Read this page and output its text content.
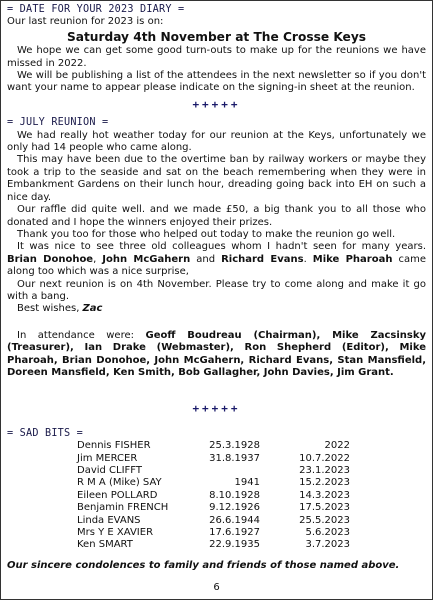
= DATE FOR YOUR 2023 DIARY =

Our last reunion for 2023 is on:

Saturday 4th November at The Crosse Keys

We hope we can get some good turn-outs to make up for the reunions we have missed in 2022.

We will be publishing a list of the attendees in the next newsletter so if you don't want your name to appear please indicate on the signing-in sheet at the reunion.

+++++
= JULY REUNION =

We had really hot weather today for our reunion at the Keys, unfortunately we only had 14 people who came along.

This may have been due to the overtime ban by railway workers or maybe they took a trip to the seaside and sat on the beach remembering when they were in Embankment Gardens on their lunch hour, dreading going back into EH on such a nice day.

Our raffle did quite well. and we made £50, a big thank you to all those who donated and I hope the winners enjoyed their prizes.

Thank you too for those who helped out today to make the reunion go well.

It was nice to see three old colleagues whom I hadn't seen for many years. Brian Donohoe, John McGahern and Richard Evans. Mike Pharoah came along too which was a nice surprise,

Our next reunion is on 4th November. Please try to come along and make it go with a bang.

Best wishes, Zac

In attendance were: Geoff Boudreau (Chairman), Mike Zacsinsky (Treasurer), Ian Drake (Webmaster), Ron Shepherd (Editor), Mike Pharoah, Brian Donohoe, John McGahern, Richard Evans, Stan Mansfield, Doreen Mansfield, Ken Smith, Bob Gallagher, John Davies, Jim Grant.

+++++
= SAD BITS =
Dennis FISHER	25.3.1928	2022
Jim MERCER	31.8.1937	10.7.2022
David CLIFFT		23.1.2023
R M A (Mike) SAY	1941	15.2.2023
Eileen POLLARD	8.10.1928	14.3.2023
Benjamin FRENCH	9.12.1926	17.5.2023
Linda EVANS	26.6.1944	25.5.2023
Mrs Y E XAVIER	17.6.1927	5.6.2023
Ken SMART	22.9.1935	3.7.2023
Our sincere condolences to family and friends of those named above.
6
